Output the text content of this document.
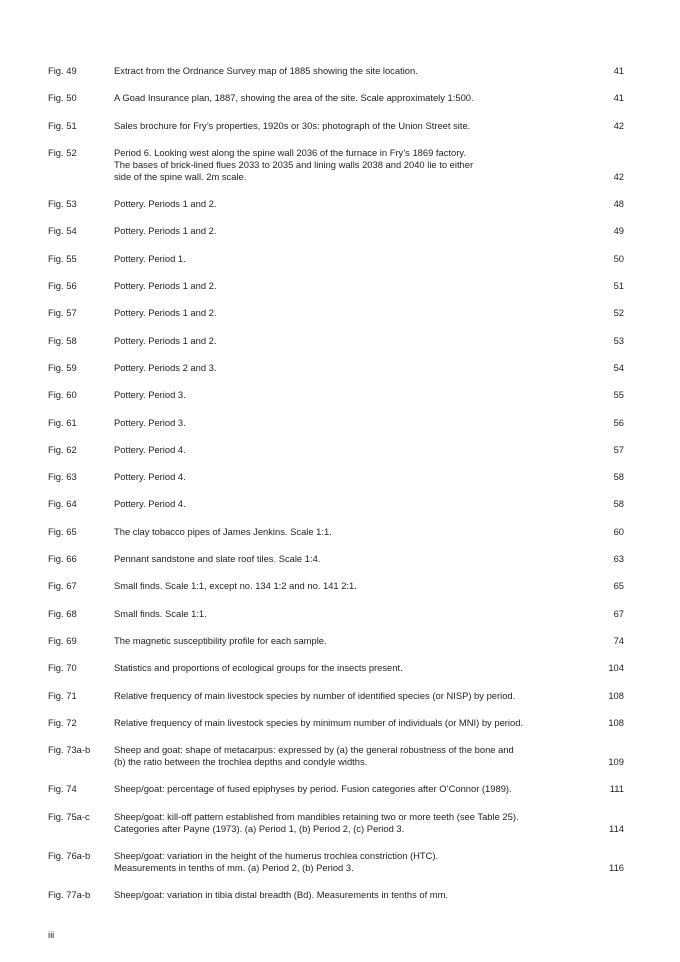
Fig. 49	Extract from the Ordnance Survey map of 1885 showing the site location.	41
Fig. 50	A Goad Insurance plan, 1887, showing the area of the site. Scale approximately 1:500.	41
Fig. 51	Sales brochure for Fry’s properties, 1920s or 30s: photograph of the Union Street site.	42
Fig. 52	Period 6. Looking west along the spine wall 2036 of the furnace in Fry’s 1869 factory.
The bases of brick-lined flues 2033 to 2035 and lining walls 2038 and 2040 lie to either
side of the spine wall. 2m scale.	42
Fig. 53	Pottery. Periods 1 and 2.	48
Fig. 54	Pottery. Periods 1 and 2.	49
Fig. 55	Pottery. Period 1.	50
Fig. 56	Pottery. Periods 1 and 2.	51
Fig. 57	Pottery. Periods 1 and 2.	52
Fig. 58	Pottery. Periods 1 and 2.	53
Fig. 59	Pottery. Periods 2 and 3.	54
Fig. 60	Pottery. Period 3.	55
Fig. 61	Pottery. Period 3.	56
Fig. 62	Pottery. Period 4.	57
Fig. 63	Pottery. Period 4.	58
Fig. 64	Pottery. Period 4.	58
Fig. 65	The clay tobacco pipes of James Jenkins. Scale 1:1.	60
Fig. 66	Pennant sandstone and slate roof tiles. Scale 1:4.	63
Fig. 67	Small finds. Scale 1:1, except no. 134 1:2 and no. 141 2:1.	65
Fig. 68	Small finds. Scale 1:1.	67
Fig. 69	The magnetic susceptibility profile for each sample.	74
Fig. 70	Statistics and proportions of ecological groups for the insects present.	104
Fig. 71	Relative frequency of main livestock species by number of identified species (or NISP) by period.	108
Fig. 72	Relative frequency of main livestock species by minimum number of individuals (or MNI) by period.	108
Fig. 73a-b	Sheep and goat: shape of metacarpus: expressed by (a) the general robustness of the bone and
(b) the ratio between the trochlea depths and condyle widths.	109
Fig. 74	Sheep/goat: percentage of fused epiphyses by period. Fusion categories after O’Connor (1989).	111
Fig. 75a-c	Sheep/goat: kill-off pattern established from mandibles retaining two or more teeth (see Table 25).
Categories after Payne (1973). (a) Period 1, (b) Period 2, (c) Period 3.	114
Fig. 76a-b	Sheep/goat: variation in the height of the humerus trochlea constriction (HTC).
Measurements in tenths of mm. (a) Period 2, (b) Period 3.	116
Fig. 77a-b	Sheep/goat: variation in tibia distal breadth (Bd). Measurements in tenths of mm.
iii
